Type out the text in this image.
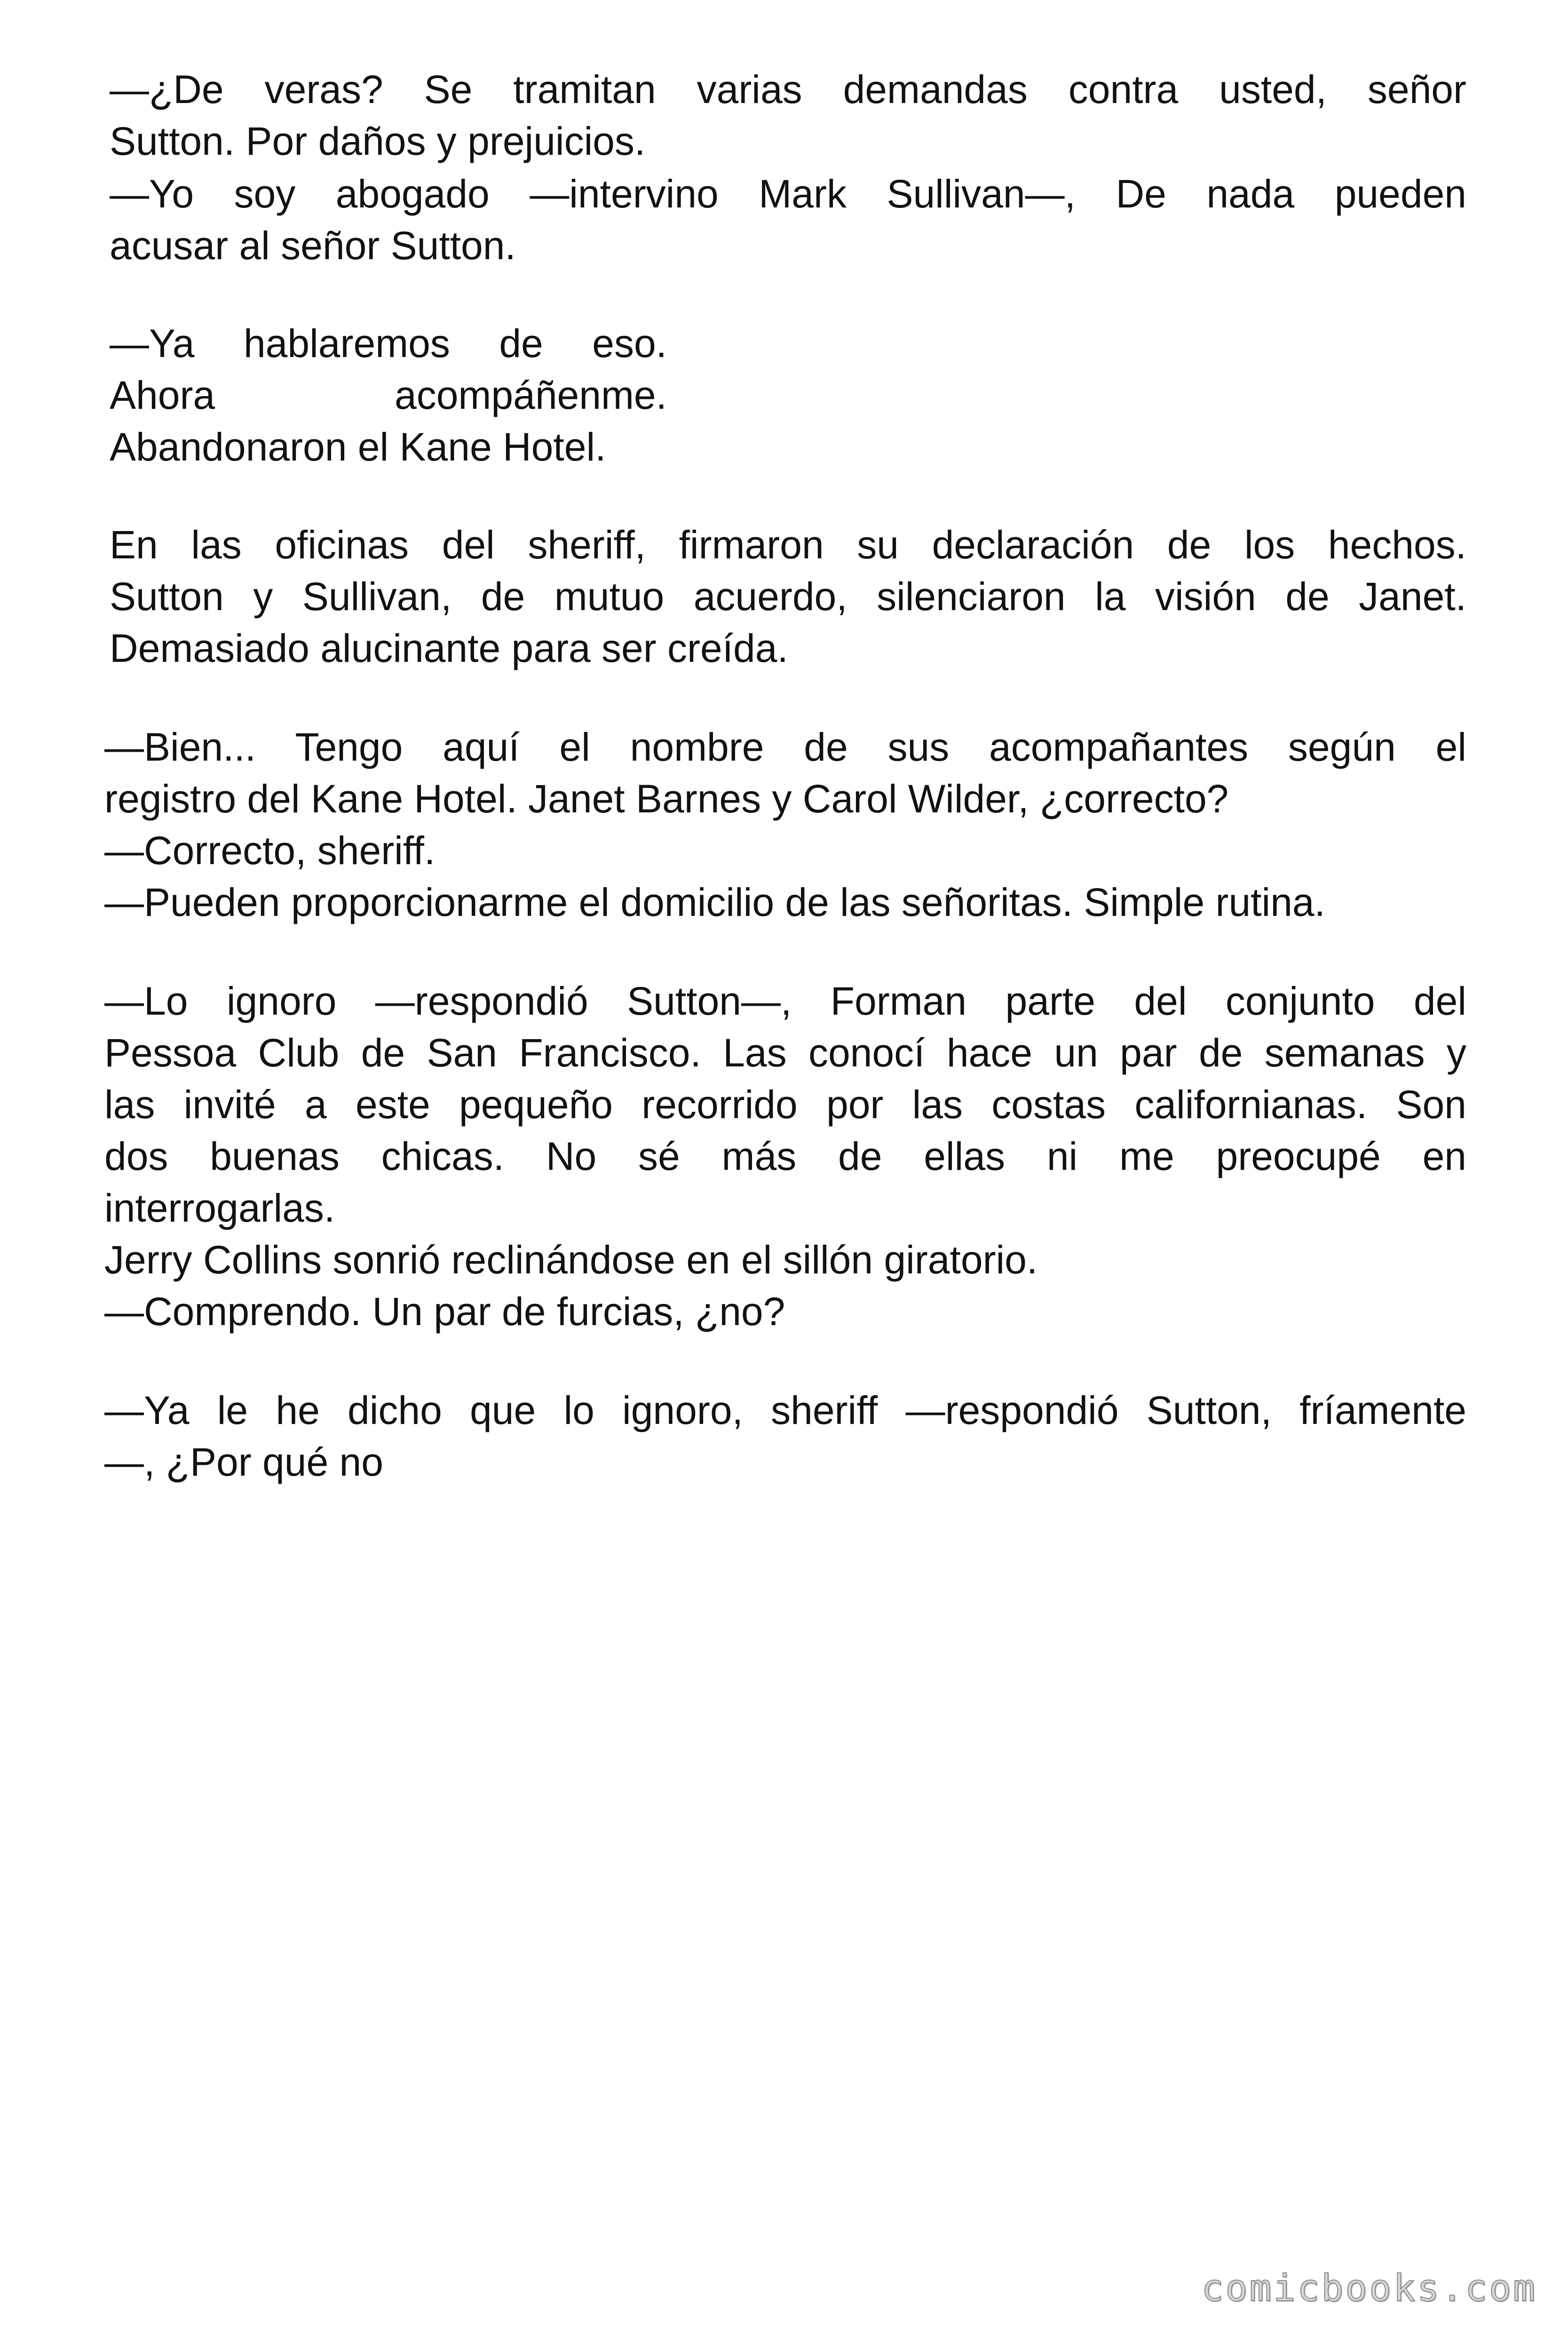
—¿De veras? Se tramitan varias demandas contra usted, señor
Sutton. Por daños y prejuicios.
—Yo soy abogado —intervino Mark Sullivan—, De nada pueden
acusar al señor Sutton.
—Ya hablaremos de eso.
Ahora acompáñenme.
Abandonaron el Kane Hotel.
En las oficinas del sheriff, firmaron su declaración de los hechos.
Sutton y Sullivan, de mutuo acuerdo, silenciaron la visión de Janet.
Demasiado alucinante para ser creída.
—Bien... Tengo aquí el nombre de sus acompañantes según el
registro del Kane Hotel. Janet Barnes y Carol Wilder, ¿correcto?
—Correcto, sheriff.
—Pueden proporcionarme el domicilio de las señoritas. Simple rutina.
—Lo ignoro —respondió Sutton—, Forman parte del conjunto del
Pessoa Club de San Francisco. Las conocí hace un par de semanas y
las invité a este pequeño recorrido por las costas californianas. Son
dos buenas chicas. No sé más de ellas ni me preocupé en
interrogarlas.
Jerry Collins sonrió reclinándose en el sillón giratorio.
—Comprendo. Un par de furcias, ¿no?
—Ya le he dicho que lo ignoro, sheriff —respondió Sutton, fríamente
—, ¿Por qué no
comicbooks.com
